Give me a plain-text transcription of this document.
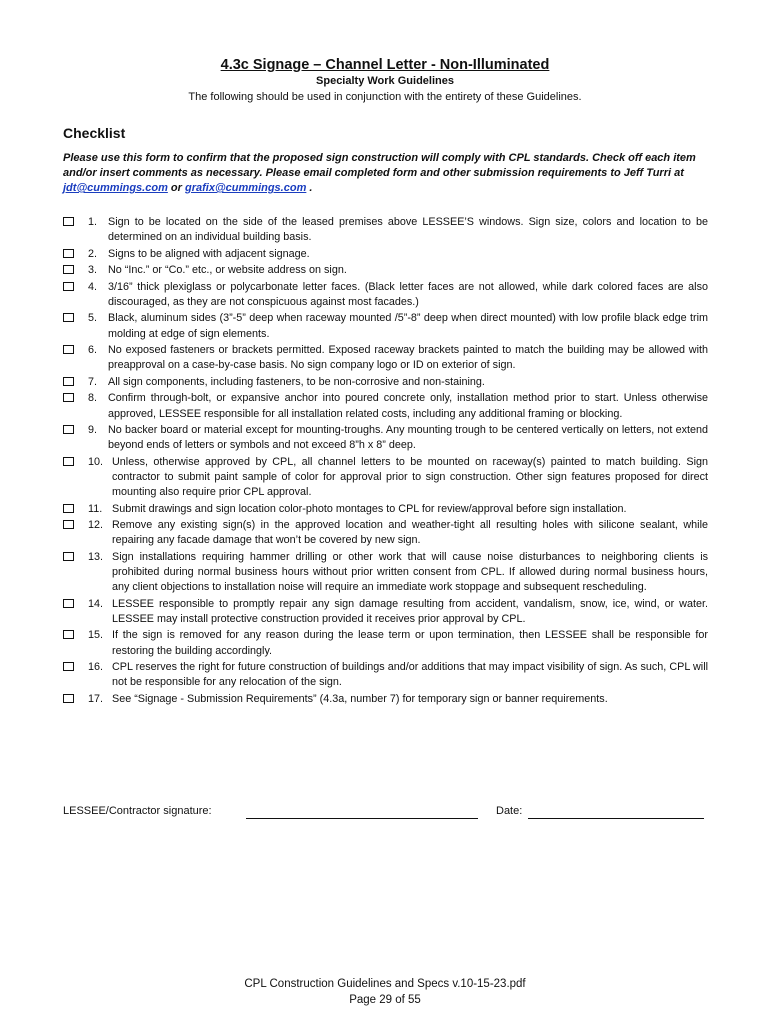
4.3c Signage – Channel Letter - Non-Illuminated
Specialty Work Guidelines
The following should be used in conjunction with the entirety of these Guidelines.
Checklist
Please use this form to confirm that the proposed sign construction will comply with CPL standards. Check off each item and/or insert comments as necessary. Please email completed form and other submission requirements to Jeff Turri at jdt@cummings.com or grafix@cummings.com .
1.	Sign to be located on the side of the leased premises above LESSEE’S windows. Sign size, colors and location to be determined on an individual building basis.
2.	Signs to be aligned with adjacent signage.
3.	No “Inc.” or “Co.” etc., or website address on sign.
4.	3/16” thick plexiglass or polycarbonate letter faces. (Black letter faces are not allowed, while dark colored faces are also discouraged, as they are not conspicuous against most facades.)
5.	Black, aluminum sides (3”-5” deep when raceway mounted /5”-8” deep when direct mounted) with low profile black edge trim molding at edge of sign elements.
6.	No exposed fasteners or brackets permitted. Exposed raceway brackets painted to match the building may be allowed with preapproval on a case-by-case basis. No sign company logo or ID on exterior of sign.
7.	All sign components, including fasteners, to be non-corrosive and non-staining.
8.	Confirm through-bolt, or expansive anchor into poured concrete only, installation method prior to start. Unless otherwise approved, LESSEE responsible for all installation related costs, including any additional framing or blocking.
9.	No backer board or material except for mounting-troughs. Any mounting trough to be centered vertically on letters, not extend beyond ends of letters or symbols and not exceed 8”h x 8” deep.
10. Unless, otherwise approved by CPL, all channel letters to be mounted on raceway(s) painted to match building. Sign contractor to submit paint sample of color for approval prior to sign construction. Other sign features proposed for direct mounting also require prior CPL approval.
11. Submit drawings and sign location color-photo montages to CPL for review/approval before sign installation.
12. Remove any existing sign(s) in the approved location and weather-tight all resulting holes with silicone sealant, while repairing any facade damage that won’t be covered by new sign.
13. Sign installations requiring hammer drilling or other work that will cause noise disturbances to neighboring clients is prohibited during normal business hours without prior written consent from CPL. If allowed during normal business hours, any client objections to installation noise will require an immediate work stoppage and subsequent rescheduling.
14. LESSEE responsible to promptly repair any sign damage resulting from accident, vandalism, snow, ice, wind, or water. LESSEE may install protective construction provided it receives prior approval by CPL.
15. If the sign is removed for any reason during the lease term or upon termination, then LESSEE shall be responsible for restoring the building accordingly.
16. CPL reserves the right for future construction of buildings and/or additions that may impact visibility of sign. As such, CPL will not be responsible for any relocation of the sign.
17. See “Signage - Submission Requirements” (4.3a, number 7) for temporary sign or banner requirements.
LESSEE/Contractor signature:	Date:
CPL Construction Guidelines and Specs v.10-15-23.pdf
Page 29 of 55
